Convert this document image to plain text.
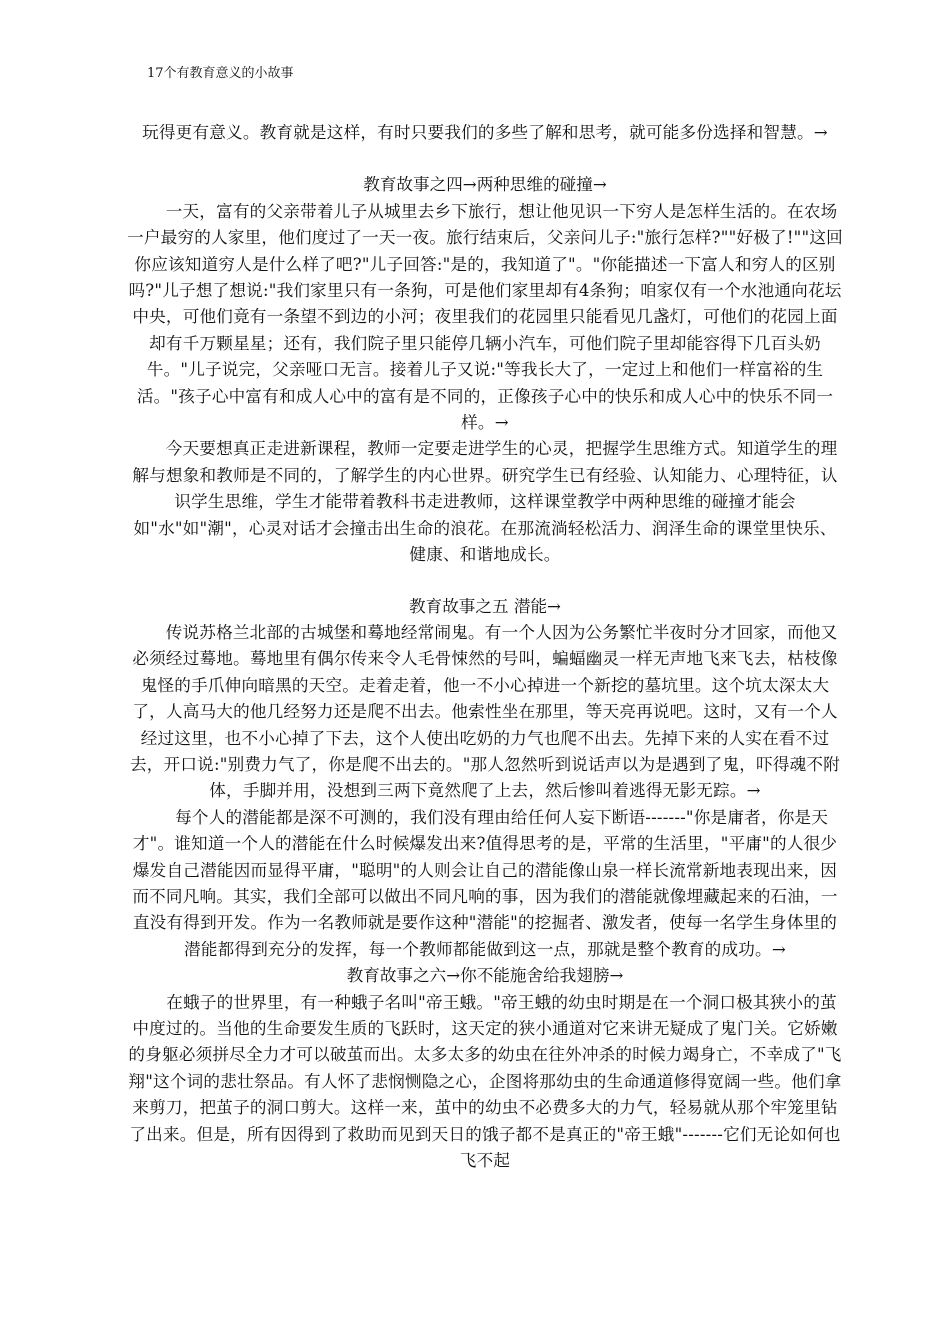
17个有教育意义的小故事

玩得更有意义。教育就是这样，有时只要我们的多些了解和思考，就可能多份选择和智慧。→

教育故事之四→两种思维的碰撞→

一天，富有的父亲带着儿子从城里去乡下旅行，想让他见识一下穷人是怎样生活的。在农场一户最穷的人家里，他们度过了一天一夜。旅行结束后，父亲问儿子:"旅行怎样?""好极了!""这回你应该知道穷人是什么样了吧?"儿子回答:"是的，我知道了"。"你能描述一下富人和穷人的区别吗?"儿子想了想说:"我们家里只有一条狗，可是他们家里却有4条狗；咱家仅有一个水池通向花坛中央，可他们竟有一条望不到边的小河；夜里我们的花园里只能看见几盏灯，可他们的花园上面却有千万颗星星；还有，我们院子里只能停几辆小汽车，可他们院子里却能容得下几百头奶牛。"儿子说完，父亲哑口无言。接着儿子又说:"等我长大了，一定过上和他们一样富裕的生活。"孩子心中富有和成人心中的富有是不同的，正像孩子心中的快乐和成人心中的快乐不同一样。→

今天要想真正走进新课程，教师一定要走进学生的心灵，把握学生思维方式。知道学生的理解与想象和教师是不同的，了解学生的内心世界。研究学生已有经验、认知能力、心理特征，认识学生思维，学生才能带着教科书走进教师，这样课堂教学中两种思维的碰撞才能会如"水"如"潮"，心灵对话才会撞击出生命的浪花。在那流淌轻松活力、润泽生命的课堂里快乐、健康、和谐地成长。

教育故事之五 潜能→

传说苏格兰北部的古城堡和蓦地经常闹鬼。有一个人因为公务繁忙半夜时分才回家，而他又必须经过蓦地。蓦地里有偶尔传来令人毛骨悚然的号叫，蝙蝠幽灵一样无声地飞来飞去，枯枝像鬼怪的手爪伸向暗黑的天空。走着走着，他一不小心掉进一个新挖的墓坑里。这个坑太深太大了，人高马大的他几经努力还是爬不出去。他索性坐在那里，等天亮再说吧。这时，又有一个人经过这里，也不小心掉了下去，这个人使出吃奶的力气也爬不出去。先掉下来的人实在看不过去，开口说:"别费力气了，你是爬不出去的。"那人忽然听到说话声以为是遇到了鬼，吓得魂不附体，手脚并用，没想到三两下竟然爬了上去，然后惨叫着逃得无影无踪。→

每个人的潜能都是深不可测的，我们没有理由给任何人妄下断语-------"你是庸者，你是天才"。谁知道一个人的潜能在什么时候爆发出来?值得思考的是，平常的生活里，"平庸"的人很少爆发自己潜能因而显得平庸，"聪明"的人则会让自己的潜能像山泉一样长流常新地表现出来，因而不同凡响。其实，我们全部可以做出不同凡响的事，因为我们的潜能就像埋藏起来的石油，一直没有得到开发。作为一名教师就是要作这种"潜能"的挖掘者、激发者，使每一名学生身体里的潜能都得到充分的发挥，每一个教师都能做到这一点，那就是整个教育的成功。→

教育故事之六→你不能施舍给我翅膀→

在蛾子的世界里，有一种蛾子名叫"帝王蛾。"帝王蛾的幼虫时期是在一个洞口极其狭小的茧中度过的。当他的生命要发生质的飞跃时，这天定的狭小通道对它来讲无疑成了鬼门关。它娇嫩的身躯必须拼尽全力才可以破茧而出。太多太多的幼虫在往外冲杀的时候力竭身亡，不幸成了"飞翔"这个词的悲壮祭品。有人怀了悲悯恻隐之心，企图将那幼虫的生命通道修得宽阔一些。他们拿来剪刀，把茧子的洞口剪大。这样一来，茧中的幼虫不必费多大的力气，轻易就从那个牢笼里钻了出来。但是，所有因得到了救助而见到天日的饿子都不是真正的"帝王蛾"-------它们无论如何也飞不起
